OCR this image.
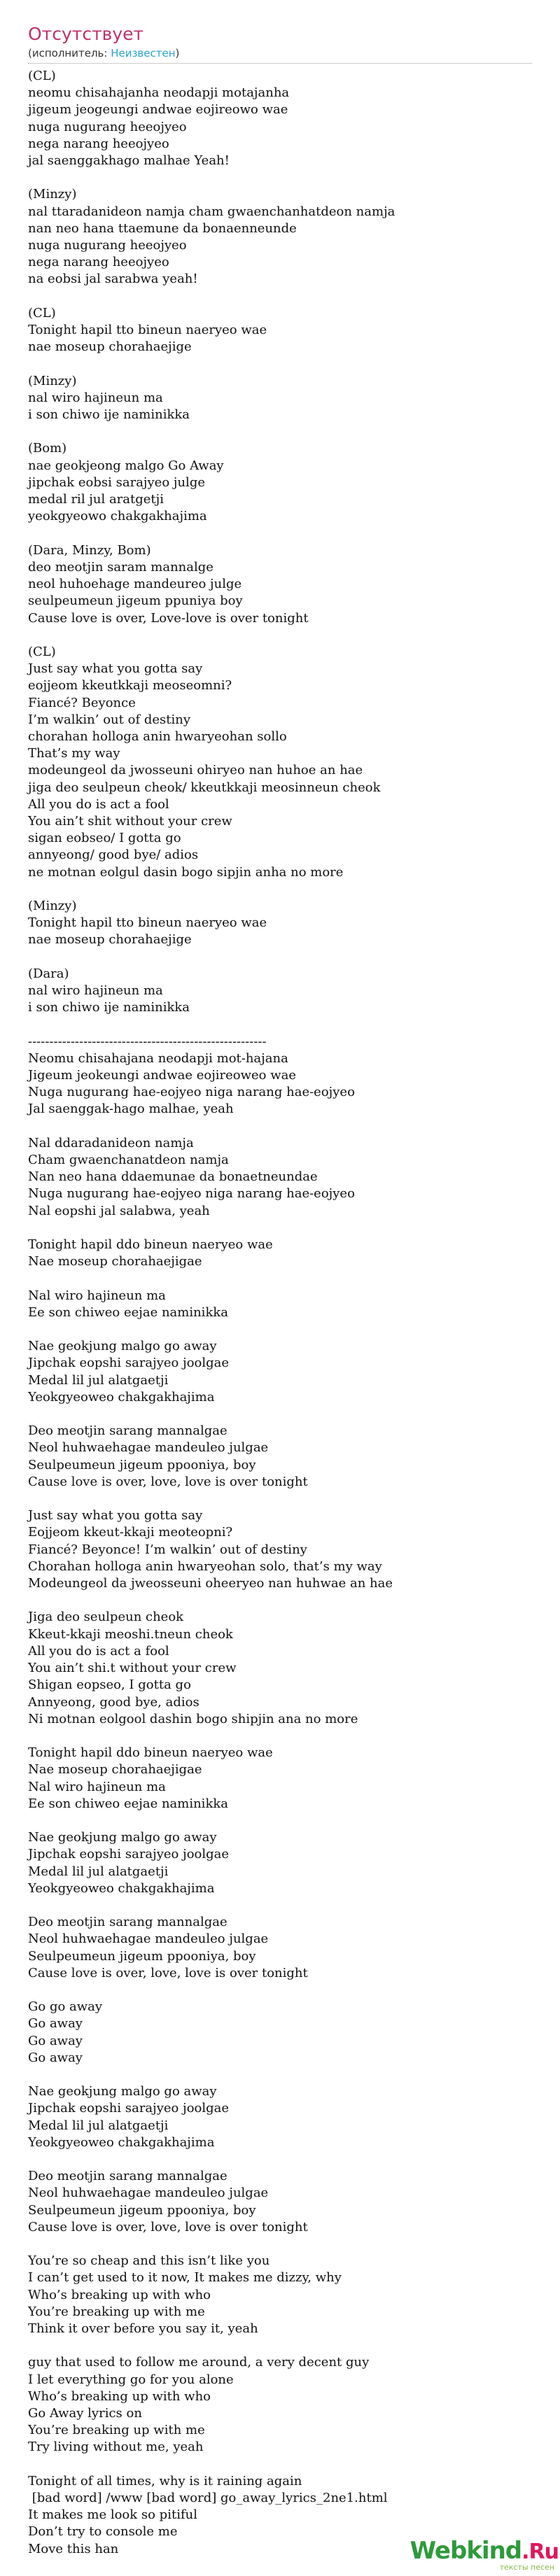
Отсутствует
(исполнитель: Неизвестен)
(CL)
neomu chisahajanha neodapji motajanha
jigeum jeogeungi andwae eojireowo wae
nuga nugurang heeojyeo
nega narang heeojyeo
jal saenggakhago malhae Yeah!

(Minzy)
nal ttaradanideon namja cham gwaenchanhatdeon namja
nan neo hana ttaemune da bonaenneunde
nuga nugurang heeojyeo
nega narang heeojyeo
na eobsi jal sarabwa yeah!

(CL)
Tonight hapil tto bineun naeryeo wae
nae moseup chorahaejige

(Minzy)
nal wiro hajineun ma
i son chiwo ije naminikka

(Bom)
nae geokjeong malgo Go Away
jipchak eobsi sarajyeo julge
medal ril jul aratgetji
yeokgyeowo chakgakhajima

(Dara, Minzy, Bom)
deo meotjin saram mannalge
neol huhoehage mandeureo julge
seulpeumeun jigeum ppuniya boy
Cause love is over, Love-love is over tonight

(CL)
Just say what you gotta say
eojjeom kkeutkkaji meoseomni?
Fiancé? Beyonce
I’m walkin’ out of destiny
chorahan holloga anin hwaryeohan sollo
That’s my way
modeungeol da jwosseuni ohiryeo nan huhoe an hae
jiga deo seulpeun cheok/ kkeutkkaji meosinneun cheok
All you do is act a fool
You ain’t shit without your crew
sigan eobseo/ I gotta go
annyeong/ good bye/ adios
ne motnan eolgul dasin bogo sipjin anha no more

(Minzy)
Tonight hapil tto bineun naeryeo wae
nae moseup chorahaejige

(Dara)
nal wiro hajineun ma
i son chiwo ije naminikka

--------------------------------------------------------
Neomu chisahajana neodapji mot-hajana
Jigeum jeokeungi andwae eojireoweo wae
Nuga nugurang hae-eojyeo niga narang hae-eojyeo
Jal saenggak-hago malhae, yeah

Nal ddaradanideon namja
Cham gwaenchanatdeon namja
Nan neo hana ddaemunae da bonaetneundae
Nuga nugurang hae-eojyeo niga narang hae-eojyeo
Nal eopshi jal salabwa, yeah

Tonight hapil ddo bineun naeryeo wae
Nae moseup chorahaejigae

Nal wiro hajineun ma
Ee son chiweo eejae naminikka

Nae geokjung malgo go away
Jipchak eopshi sarajyeo joolgae
Medal lil jul alatgaetji
Yeokgyeoweo chakgakhajima

Deo meotjin sarang mannalgae
Neol huhwaehagae mandeuleo julgae
Seulpeumeun jigeum ppooniya, boy
Cause love is over, love, love is over tonight

Just say what you gotta say
Eojjeom kkeut-kkaji meoteopni?
Fiancé? Beyonce! I’m walkin’ out of destiny
Chorahan holloga anin hwaryeohan solo, that’s my way
Modeungeol da jweosseuni oheeryeo nan huhwae an hae

Jiga deo seulpeun cheok
Kkeut-kkaji meoshi.tneun cheok
All you do is act a fool
You ain’t shi.t without your crew
Shigan eopseo, I gotta go
Annyeong, good bye, adios
Ni motnan eolgool dashin bogo shipjin ana no more

Tonight hapil ddo bineun naeryeo wae
Nae moseup chorahaejigae
Nal wiro hajineun ma
Ee son chiweo eejae naminikka

Nae geokjung malgo go away
Jipchak eopshi sarajyeo joolgae
Medal lil jul alatgaetji
Yeokgyeoweo chakgakhajima

Deo meotjin sarang mannalgae
Neol huhwaehagae mandeuleo julgae
Seulpeumeun jigeum ppooniya, boy
Cause love is over, love, love is over tonight

Go go away
Go away
Go away
Go away

Nae geokjung malgo go away
Jipchak eopshi sarajyeo joolgae
Medal lil jul alatgaetji
Yeokgyeoweo chakgakhajima

Deo meotjin sarang mannalgae
Neol huhwaehagae mandeuleo julgae
Seulpeumeun jigeum ppooniya, boy
Cause love is over, love, love is over tonight

You’re so cheap and this isn’t like you
I can’t get used to it now, It makes me dizzy, why
Who’s breaking up with who
You’re breaking up with me
Think it over before you say it, yeah

guy that used to follow me around, a very decent guy
I let everything go for you alone
Who’s breaking up with who
Go Away lyrics on
You’re breaking up with me
Try living without me, yeah

Tonight of all times, why is it raining again
[bad word] /www [bad word] go_away_lyrics_2ne1.html
It makes me look so pitiful
Don’t try to console me
Move this han	Webkind.Ru
тексты песен
